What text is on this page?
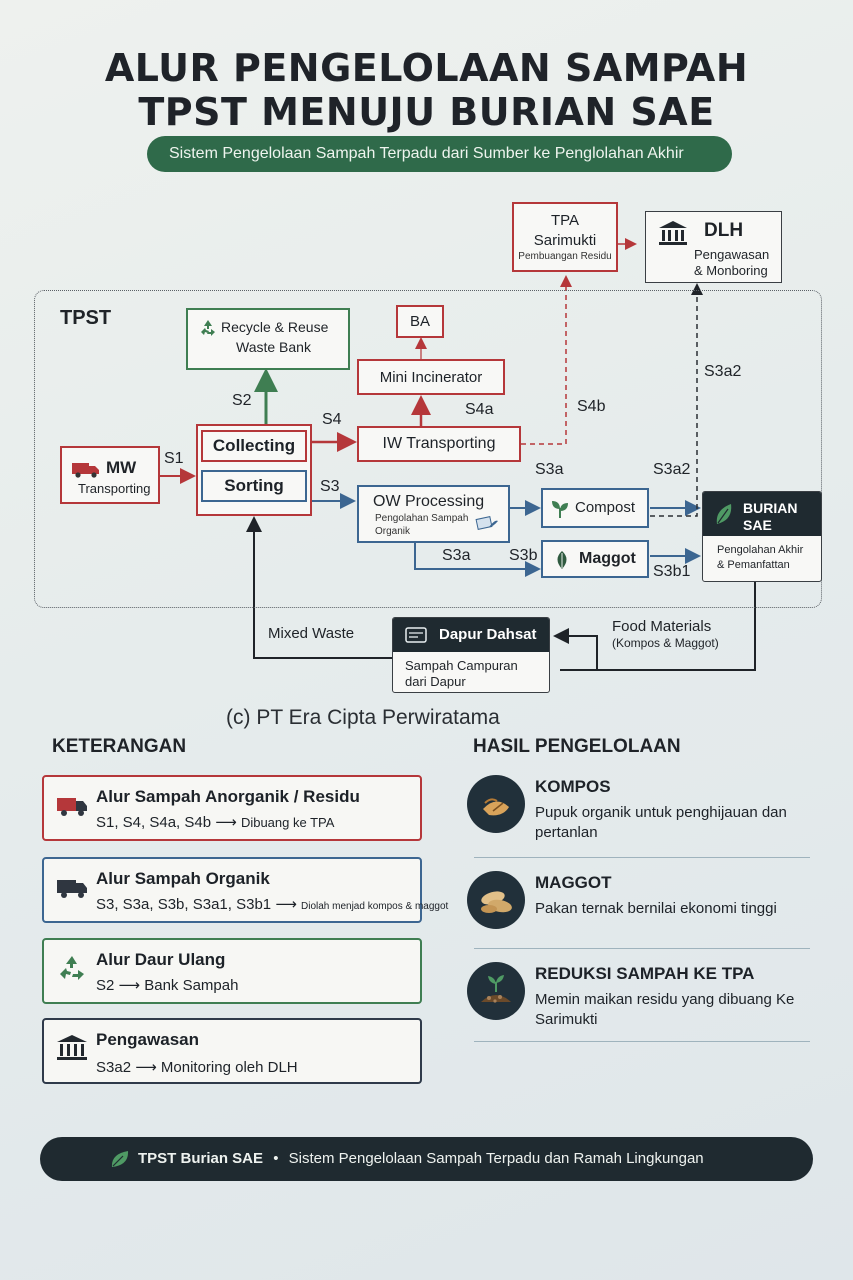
ALUR PENGELOLAAN SAMPAH
TPST MENUJU BURIAN SAE
Sistem Pengelolaan Sampah Terpadu dari Sumber ke Penglolahan Akhir
TPST
MW
Transporting
Collecting
Sorting
Recycle & Reuse
Waste Bank
BA
Mini Incinerator
IW Transporting
OW Processing
Pengolahan Sampah
Organik
Compost
Maggot
TPA
Sarimukti
Pembuangan Residu
DLH
Pengawasan
& Monboring
BURIAN
SAE
Pengolahan Akhir
& Pemanfattan
Dapur Dahsat
Sampah Campuran
dari Dapur
S1
S2
S4
S3
S4a	S4b
S3a
S3a S3b
S3a2
S3a2
S3b1
Mixed Waste	Food Materials
(Kompos & Maggot)
(c) PT Era Cipta Perwiratama
KETERANGAN
Alur Sampah Anorganik / Residu
S1, S4, S4a, S4b ⟶ Dibuang ke TPA
Alur Sampah Organik
S3, S3a, S3b, S3a1, S3b1 ⟶ Diolah menjad kompos & maggot
Alur Daur Ulang
S2 ⟶ Bank Sampah
Pengawasan
S3a2 ⟶ Monitoring oleh DLH
HASIL PENGELOLAAN
KOMPOS
Pupuk organik untuk penghijauan dan pertanlan
MAGGOT
Pakan ternak bernilai ekonomi tinggi
REDUKSI SAMPAH KE TPA
Memin maikan residu yang dibuang Ke Sarimukti
TPST Burian SAE • Sistem Pengelolaan Sampah Terpadu dan Ramah Lingkungan
